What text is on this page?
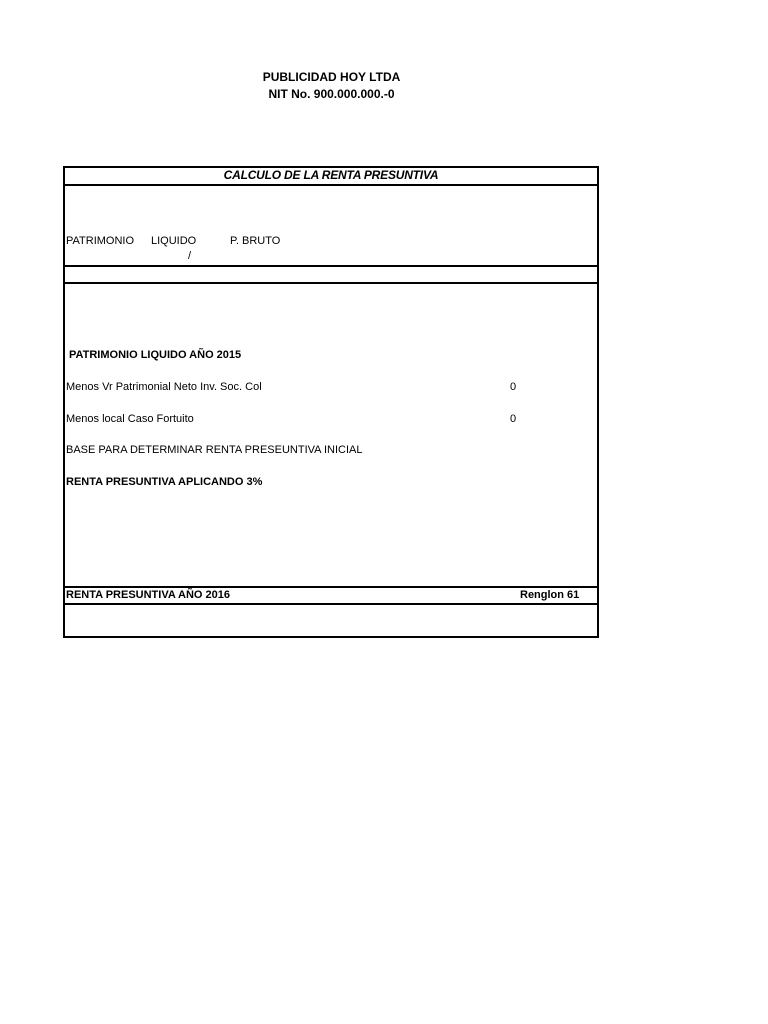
PUBLICIDAD HOY LTDA
NIT No. 900.000.000.-0
CALCULO DE LA RENTA PRESUNTIVA
PATRIMONIO LIQUIDO	P. BRUTO
/
PATRIMONIO LIQUIDO AÑO 2015
Menos Vr Patrimonial Neto Inv. Soc. Col	0
Menos local Caso Fortuito	0
BASE PARA DETERMINAR RENTA PRESEUNTIVA INICIAL
RENTA PRESUNTIVA APLICANDO 3%
RENTA PRESUNTIVA AÑO 2016	Renglon 61
